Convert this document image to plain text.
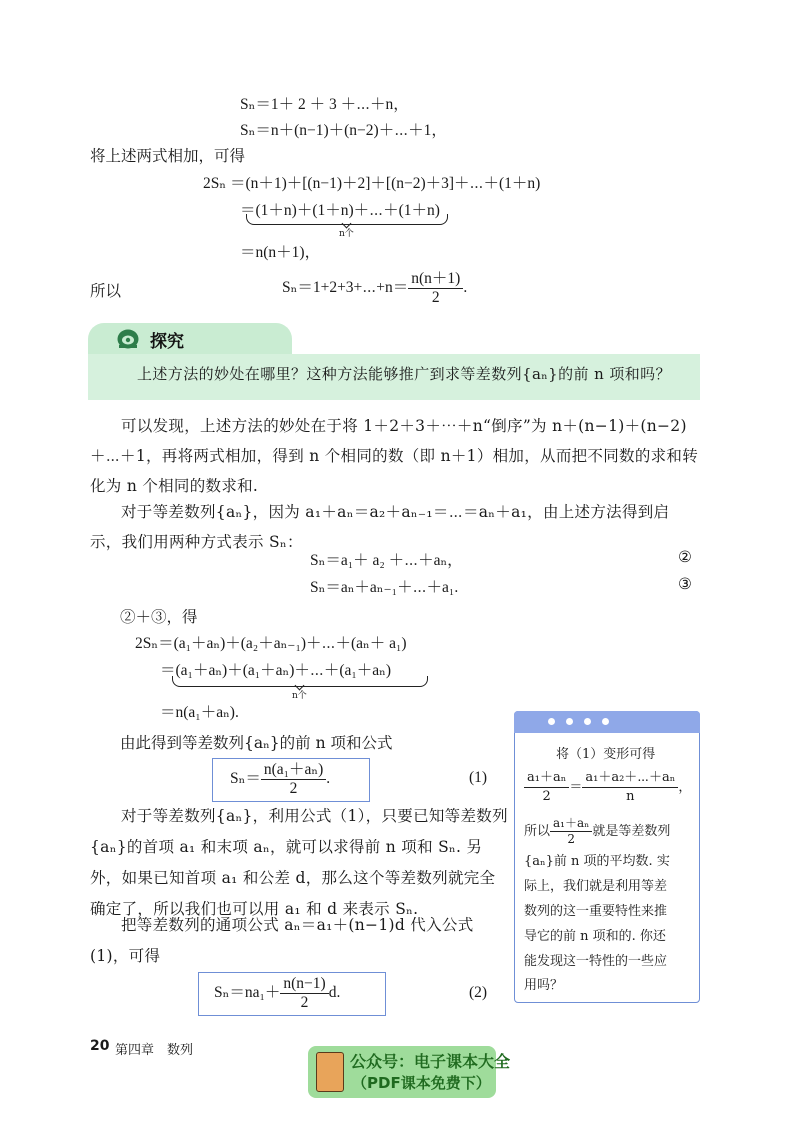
Sₙ＝1＋ 2 ＋ 3 ＋⋯＋n，
Sₙ＝n＋(n−1)＋(n−2)＋⋯＋1，
将上述两式相加，可得
2Sₙ ＝(n＋1)＋[(n−1)＋2]＋[(n−2)＋3]＋⋯＋(1＋n)
＝(1＋n)＋(1＋n)＋⋯＋(1＋n)
n个
＝n(n＋1)，
所以	Sₙ＝1+2+3+⋯+n＝ $\frac{n(n+1)}{2}$ .
探究
上述方法的妙处在哪里？这种方法能够推广到求等差数列{aₙ}的前 n 项和吗？
可以发现，上述方法的妙处在于将 1＋2＋3＋⋯＋n“倒序”为 n＋(n−1)＋(n−2)＋⋯＋1，再将两式相加，得到 n 个相同的数（即 n＋1）相加，从而把不同数的求和转化为 n 个相同的数求和.
对于等差数列{aₙ}，因为 a₁＋aₙ＝a₂＋aₙ₋₁＝⋯＝aₙ＋a₁，由上述方法得到启示，我们用两种方式表示 Sₙ：
Sₙ＝a₁＋ a₂ ＋⋯＋aₙ，	②
Sₙ＝aₙ＋aₙ₋₁＋⋯＋a₁.	③
②＋③，得
2Sₙ＝(a₁＋aₙ)＋(a₂＋aₙ₋₁)＋⋯＋(aₙ＋ a₁)
＝(a₁＋aₙ)＋(a₁＋aₙ)＋⋯＋(a₁＋aₙ)
n个
＝n(a₁＋aₙ).
由此得到等差数列{aₙ}的前 n 项和公式
$S_n= \frac{\text{n(a₁＋aₙ)}}{2}$ .	(1)
对于等差数列{aₙ}，利用公式（1），只要已知等差数列{aₙ}的首项 a₁ 和末项 aₙ，就可以求得前 n 项和 Sₙ. 另外，如果已知首项 a₁ 和公差 d，那么这个等差数列就完全确定了，所以我们也可以用 a₁ 和 d 来表示 Sₙ.
把等差数列的通项公式 aₙ＝a₁＋(n−1)d 代入公式(1)，可得
$S_n=na_1+ \frac{n(n-1)}{2} d$.	(2)
将（1）变形可得
$\frac{\text{a₁＋aₙ}}{2} = \frac{\text{a₁＋a₂＋⋯＋aₙ}}{n}$ ，
所以 $\frac{\text{a₁＋aₙ}}{2}$ 就是等差数列
{aₙ}前 n 项的平均数. 实
际上，我们就是利用等差
数列的这一重要特性来推
导它的前 n 项和的. 你还
能发现这一特性的一些应
用吗？
20 第四章　数列
公众号：电子课本大全
（PDF课本免费下）
